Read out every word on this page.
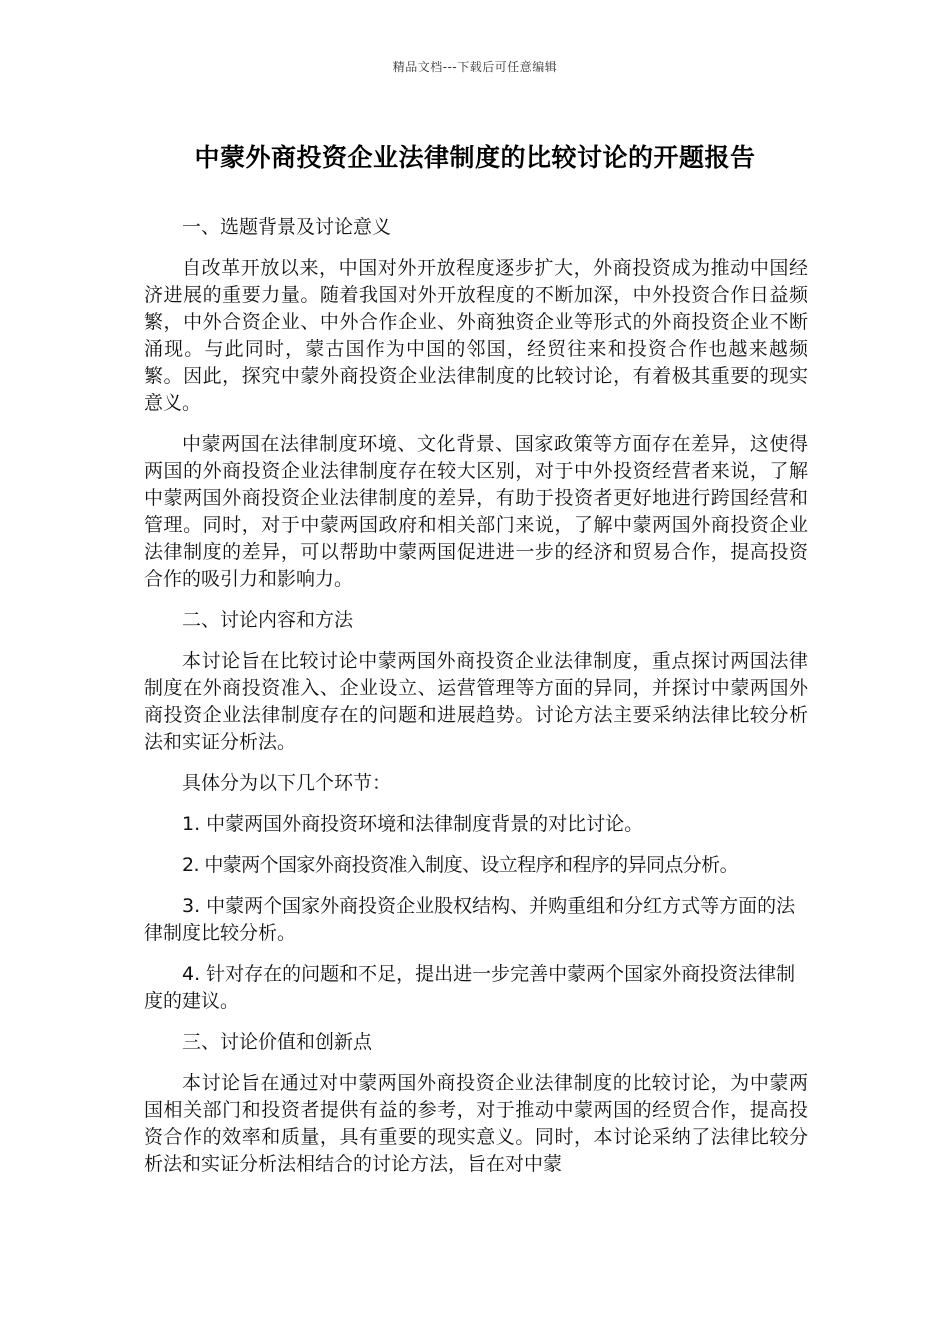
精品文档---下载后可任意编辑
中蒙外商投资企业法律制度的比较讨论的开题报告

一、选题背景及讨论意义

自改革开放以来，中国对外开放程度逐步扩大，外商投资成为推动中国经济进展的重要力量。随着我国对外开放程度的不断加深，中外投资合作日益频繁，中外合资企业、中外合作企业、外商独资企业等形式的外商投资企业不断涌现。与此同时，蒙古国作为中国的邻国，经贸往来和投资合作也越来越频繁。因此，探究中蒙外商投资企业法律制度的比较讨论，有着极其重要的现实意义。

中蒙两国在法律制度环境、文化背景、国家政策等方面存在差异，这使得两国的外商投资企业法律制度存在较大区别，对于中外投资经营者来说，了解中蒙两国外商投资企业法律制度的差异，有助于投资者更好地进行跨国经营和管理。同时，对于中蒙两国政府和相关部门来说，了解中蒙两国外商投资企业法律制度的差异，可以帮助中蒙两国促进进一步的经济和贸易合作，提高投资合作的吸引力和影响力。

二、讨论内容和方法

本讨论旨在比较讨论中蒙两国外商投资企业法律制度，重点探讨两国法律制度在外商投资准入、企业设立、运营管理等方面的异同，并探讨中蒙两国外商投资企业法律制度存在的问题和进展趋势。讨论方法主要采纳法律比较分析法和实证分析法。

具体分为以下几个环节：

1. 中蒙两国外商投资环境和法律制度背景的对比讨论。

2. 中蒙两个国家外商投资准入制度、设立程序和程序的异同点分析。

3. 中蒙两个国家外商投资企业股权结构、并购重组和分红方式等方面的法律制度比较分析。

4. 针对存在的问题和不足，提出进一步完善中蒙两个国家外商投资法律制度的建议。

三、讨论价值和创新点

本讨论旨在通过对中蒙两国外商投资企业法律制度的比较讨论，为中蒙两国相关部门和投资者提供有益的参考，对于推动中蒙两国的经贸合作，提高投资合作的效率和质量，具有重要的现实意义。同时，本讨论采纳了法律比较分析法和实证分析法相结合的讨论方法，旨在对中蒙
